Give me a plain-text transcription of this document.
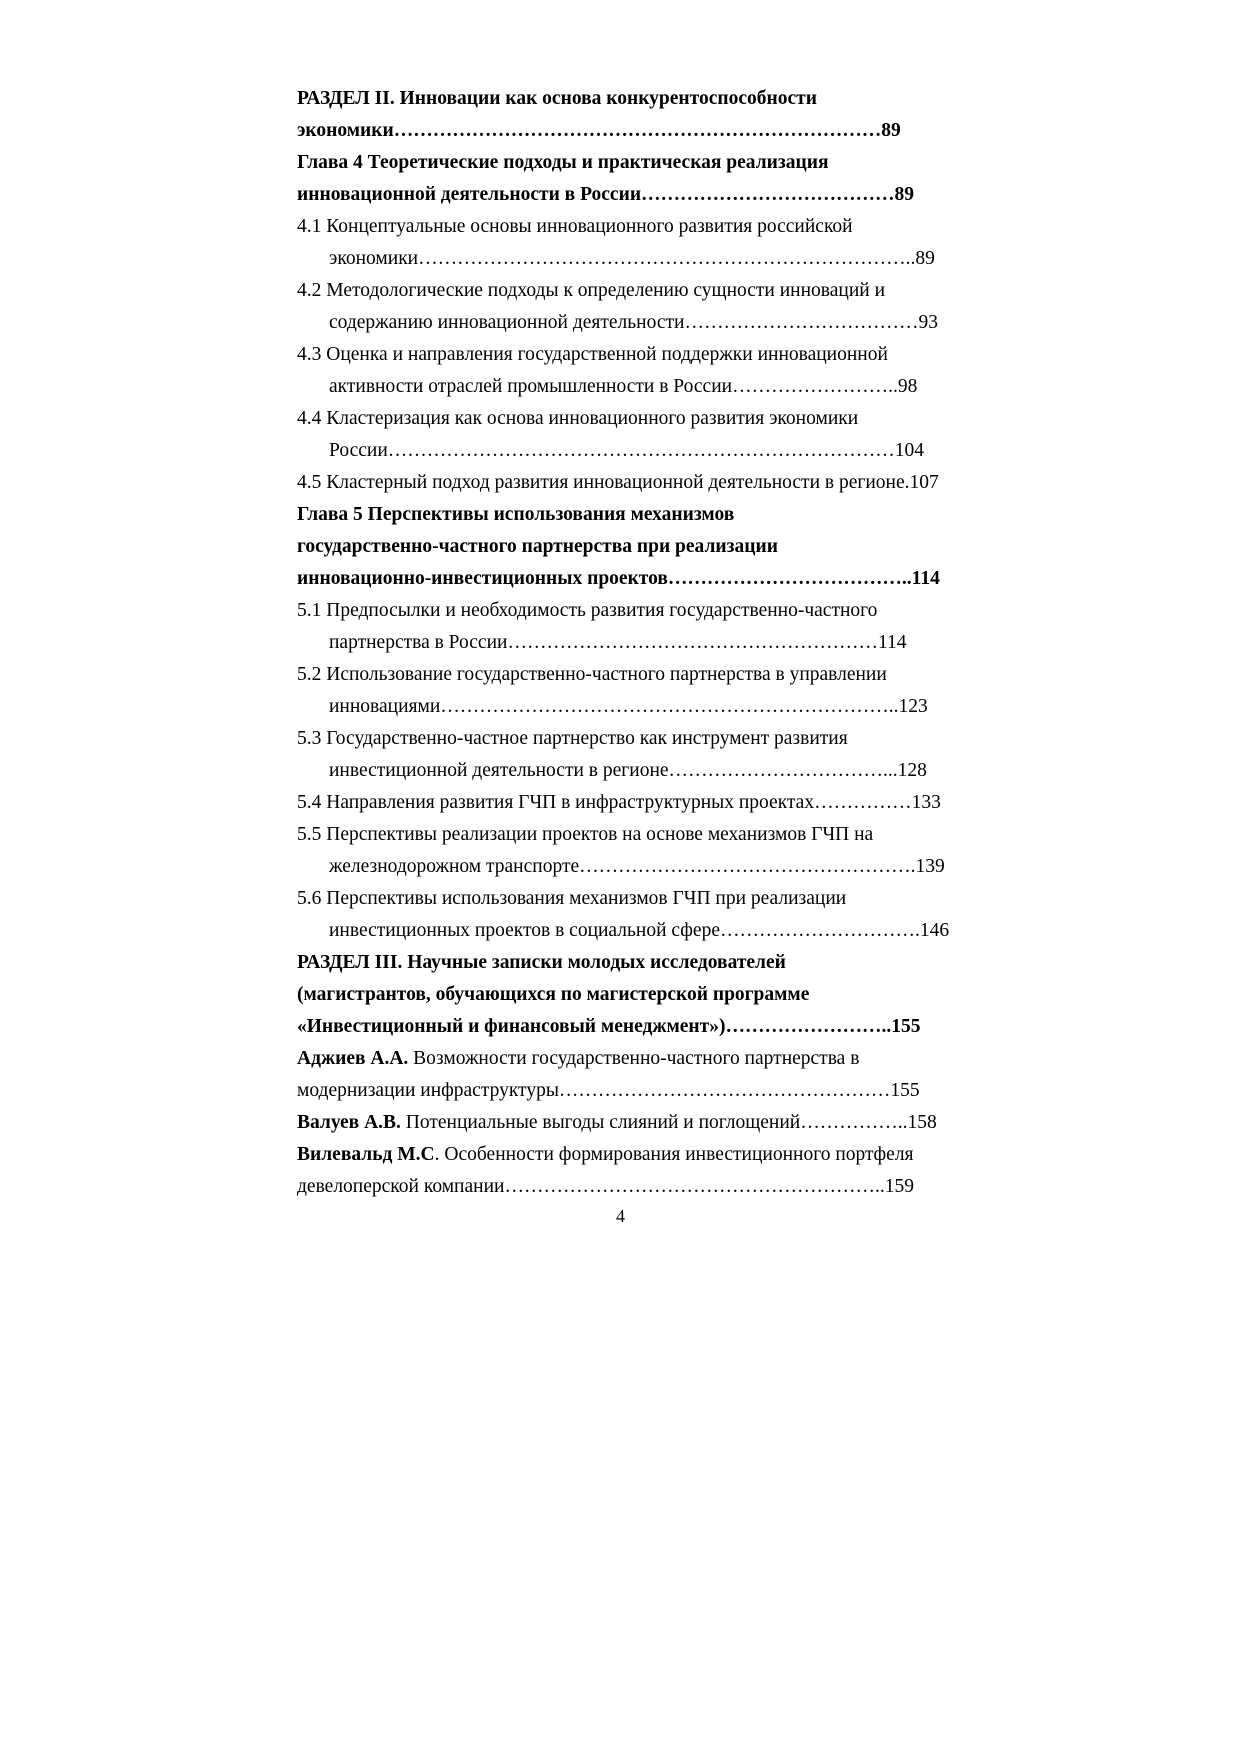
РАЗДЕЛ II. Инновации как основа конкурентоспособности
экономики…………………………………………………………………89
Глава 4 Теоретические подходы и практическая реализация
инновационной деятельности в России…………………………………89
4.1 Концептуальные основы инновационного развития российской
экономики…………………………………………………………………..89
4.2 Методологические подходы к определению сущности инноваций и
содержанию инновационной деятельности………………………………93
4.3 Оценка и направления государственной поддержки инновационной
активности отраслей промышленности в России……………………..98
4.4 Кластеризация как основа инновационного развития экономики
России……………………………………………………………………104
4.5 Кластерный подход развития инновационной деятельности в регионе.107
Глава 5 Перспективы использования механизмов
государственно-частного партнерства при реализации
инновационно-инвестиционных проектов………………………………..114
5.1 Предпосылки и необходимость развития государственно-частного
партнерства в России…………………………………………………114
5.2 Использование государственно-частного партнерства в управлении
инновациями……………………………………………………………..123
5.3 Государственно-частное партнерство как инструмент развития
инвестиционной деятельности в регионе……………………………...128
5.4 Направления развития ГЧП в инфраструктурных проектах……………133
5.5 Перспективы реализации проектов на основе механизмов ГЧП на
железнодорожном транспорте…………………………………………….139
5.6 Перспективы использования механизмов ГЧП при реализации
инвестиционных проектов в социальной сфере………………………….146
РАЗДЕЛ III. Научные записки молодых исследователей
(магистрантов, обучающихся по магистерской программе
«Инвестиционный и финансовый менеджмент»)……………………..155
Аджиев А.А. Возможности государственно-частного партнерства в
модернизации инфраструктуры……………………………………………155
Валуев А.В. Потенциальные выгоды слияний и поглощений……………..158
Вилевальд М.С. Особенности формирования инвестиционного портфеля
девелоперской компании…………………………………………………..159
4
